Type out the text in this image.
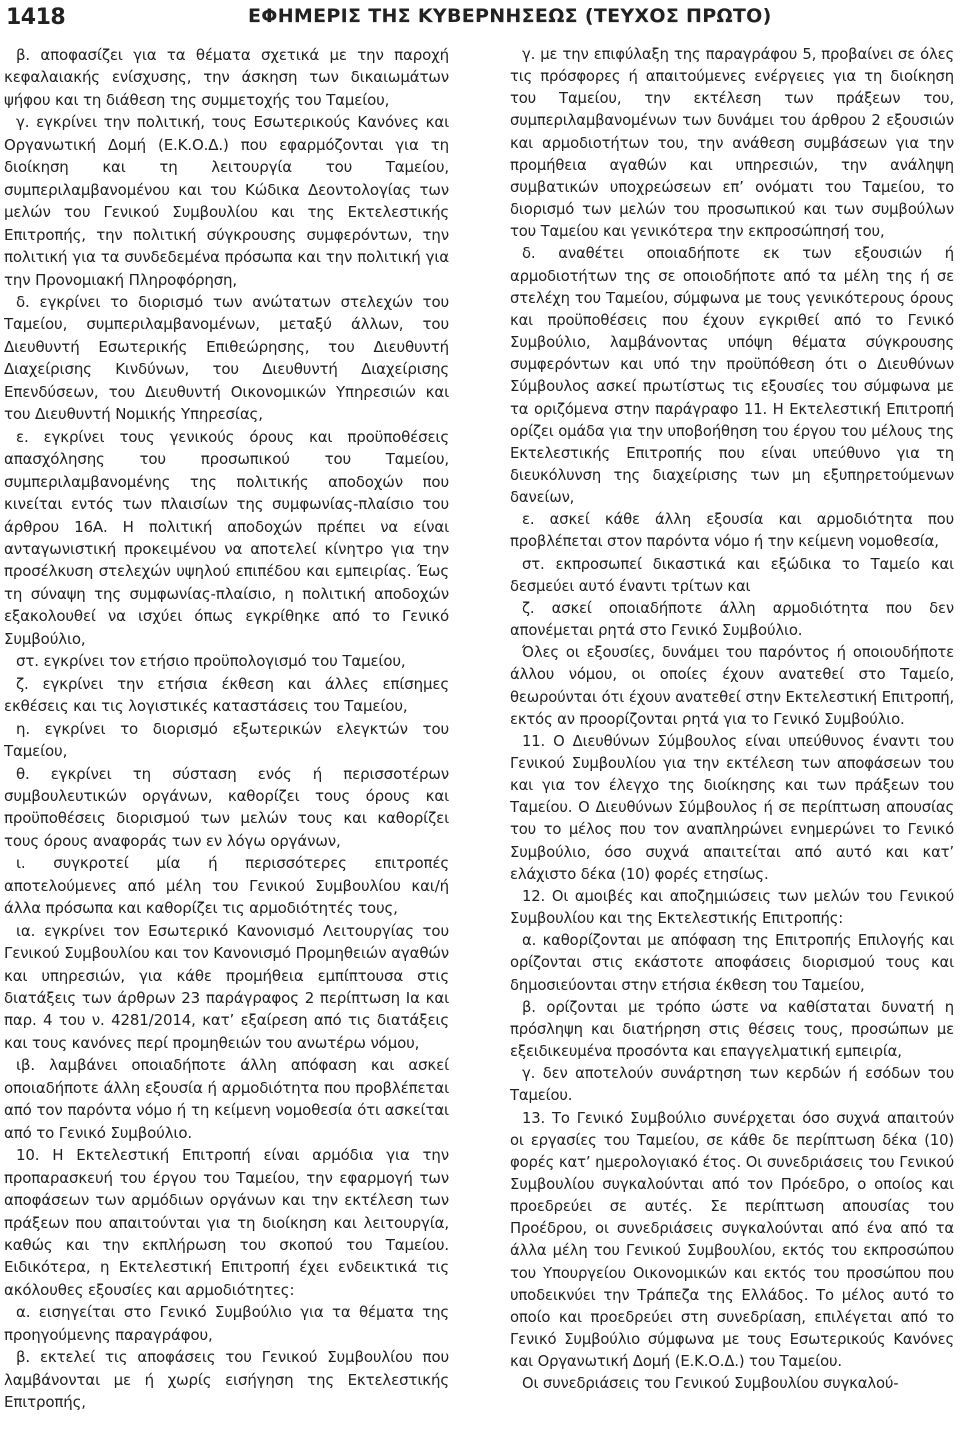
1418	ΕΦΗΜΕΡΙΣ ΤΗΣ ΚΥΒΕΡΝΗΣΕΩΣ (ΤΕΥΧΟΣ ΠΡΩΤΟ)

β. αποφασίζει για τα θέματα σχετικά με την παροχή κεφαλαιακής ενίσχυσης, την άσκηση των δικαιωμάτων ψήφου και τη διάθεση της συμμετοχής του Ταμείου,

γ. εγκρίνει την πολιτική, τους Εσωτερικούς Κανόνες και Οργανωτική Δομή (Ε.Κ.Ο.Δ.) που εφαρμόζονται για τη διοίκηση και τη λειτουργία του Ταμείου, συμπεριλαμβανομένου και του Κώδικα Δεοντολογίας των μελών του Γενικού Συμβουλίου και της Εκτελεστικής Επιτροπής, την πολιτική σύγκρουσης συμφερόντων, την πολιτική για τα συνδεδεμένα πρόσωπα και την πολιτική για την Προνομιακή Πληροφόρηση,

δ. εγκρίνει το διορισμό των ανώτατων στελεχών του Ταμείου, συμπεριλαμβανομένων, μεταξύ άλλων, του Διευθυντή Εσωτερικής Επιθεώρησης, του Διευθυντή Διαχείρισης Κινδύνων, του Διευθυντή Διαχείρισης Επενδύσεων, του Διευθυντή Οικονομικών Υπηρεσιών και του Διευθυντή Νομικής Υπηρεσίας,

ε. εγκρίνει τους γενικούς όρους και προϋποθέσεις απασχόλησης του προσωπικού του Ταμείου, συμπεριλαμβανομένης της πολιτικής αποδοχών που κινείται εντός των πλαισίων της συμφωνίας-πλαίσιο του άρθρου 16Α. Η πολιτική αποδοχών πρέπει να είναι ανταγωνιστική προκειμένου να αποτελεί κίνητρο για την προσέλκυση στελεχών υψηλού επιπέδου και εμπειρίας. Έως τη σύναψη της συμφωνίας-πλαίσιο, η πολιτική αποδοχών εξακολουθεί να ισχύει όπως εγκρίθηκε από το Γενικό Συμβούλιο,

στ. εγκρίνει τον ετήσιο προϋπολογισμό του Ταμείου,

ζ. εγκρίνει την ετήσια έκθεση και άλλες επίσημες εκθέσεις και τις λογιστικές καταστάσεις του Ταμείου,

η. εγκρίνει το διορισμό εξωτερικών ελεγκτών του Ταμείου,

θ. εγκρίνει τη σύσταση ενός ή περισσοτέρων συμβουλευτικών οργάνων, καθορίζει τους όρους και προϋποθέσεις διορισμού των μελών τους και καθορίζει τους όρους αναφοράς των εν λόγω οργάνων,

ι. συγκροτεί μία ή περισσότερες επιτροπές αποτελούμενες από μέλη του Γενικού Συμβουλίου και/ή άλλα πρόσωπα και καθορίζει τις αρμοδιότητές τους,

ια. εγκρίνει τον Εσωτερικό Κανονισμό Λειτουργίας του Γενικού Συμβουλίου και τον Κανονισμό Προμηθειών αγαθών και υπηρεσιών, για κάθε προμήθεια εμπίπτουσα στις διατάξεις των άρθρων 23 παράγραφος 2 περίπτωση Ια και παρ. 4 του ν. 4281/2014, κατ’ εξαίρεση από τις διατάξεις και τους κανόνες περί προμηθειών του ανωτέρω νόμου,

ιβ. λαμβάνει οποιαδήποτε άλλη απόφαση και ασκεί οποιαδήποτε άλλη εξουσία ή αρμοδιότητα που προβλέπεται από τον παρόντα νόμο ή τη κείμενη νομοθεσία ότι ασκείται από το Γενικό Συμβούλιο.

10. Η Εκτελεστική Επιτροπή είναι αρμόδια για την προπαρασκευή του έργου του Ταμείου, την εφαρμογή των αποφάσεων των αρμόδιων οργάνων και την εκτέλεση των πράξεων που απαιτούνται για τη διοίκηση και λειτουργία, καθώς και την εκπλήρωση του σκοπού του Ταμείου. Ειδικότερα, η Εκτελεστική Επιτροπή έχει ενδεικτικά τις ακόλουθες εξουσίες και αρμοδιότητες:

α. εισηγείται στο Γενικό Συμβούλιο για τα θέματα της προηγούμενης παραγράφου,

β. εκτελεί τις αποφάσεις του Γενικού Συμβουλίου που λαμβάνονται με ή χωρίς εισήγηση της Εκτελεστικής Επιτροπής,

γ. με την επιφύλαξη της παραγράφου 5, προβαίνει σε όλες τις πρόσφορες ή απαιτούμενες ενέργειες για τη διοίκηση του Ταμείου, την εκτέλεση των πράξεων του, συμπεριλαμβανομένων των δυνάμει του άρθρου 2 εξουσιών και αρμοδιοτήτων του, την ανάθεση συμβάσεων για την προμήθεια αγαθών και υπηρεσιών, την ανάληψη συμβατικών υποχρεώσεων επ’ ονόματι του Ταμείου, το διορισμό των μελών του προσωπικού και των συμβούλων του Ταμείου και γενικότερα την εκπροσώπησή του,

δ. αναθέτει οποιαδήποτε εκ των εξουσιών ή αρμοδιοτήτων της σε οποιοδήποτε από τα μέλη της ή σε στελέχη του Ταμείου, σύμφωνα με τους γενικότερους όρους και προϋποθέσεις που έχουν εγκριθεί από το Γενικό Συμβούλιο, λαμβάνοντας υπόψη θέματα σύγκρουσης συμφερόντων και υπό την προϋπόθεση ότι ο Διευθύνων Σύμβουλος ασκεί πρωτίστως τις εξουσίες του σύμφωνα με τα οριζόμενα στην παράγραφο 11. Η Εκτελεστική Επιτροπή ορίζει ομάδα για την υποβοήθηση του έργου του μέλους της Εκτελεστικής Επιτροπής που είναι υπεύθυνο για τη διευκόλυνση της διαχείρισης των μη εξυπηρετούμενων δανείων,

ε. ασκεί κάθε άλλη εξουσία και αρμοδιότητα που προβλέπεται στον παρόντα νόμο ή την κείμενη νομοθεσία,

στ. εκπροσωπεί δικαστικά και εξώδικα το Ταμείο και δεσμεύει αυτό έναντι τρίτων και

ζ. ασκεί οποιαδήποτε άλλη αρμοδιότητα που δεν απονέμεται ρητά στο Γενικό Συμβούλιο.

Όλες οι εξουσίες, δυνάμει του παρόντος ή οποιουδήποτε άλλου νόμου, οι οποίες έχουν ανατεθεί στο Ταμείο, θεωρούνται ότι έχουν ανατεθεί στην Εκτελεστική Επιτροπή, εκτός αν προορίζονται ρητά για το Γενικό Συμβούλιο.

11. Ο Διευθύνων Σύμβουλος είναι υπεύθυνος έναντι του Γενικού Συμβουλίου για την εκτέλεση των αποφάσεων του και για τον έλεγχο της διοίκησης και των πράξεων του Ταμείου. Ο Διευθύνων Σύμβουλος ή σε περίπτωση απουσίας του το μέλος που τον αναπληρώνει ενημερώνει το Γενικό Συμβούλιο, όσο συχνά απαιτείται από αυτό και κατ’ ελάχιστο δέκα (10) φορές ετησίως.

12. Οι αμοιβές και αποζημιώσεις των μελών του Γενικού Συμβουλίου και της Εκτελεστικής Επιτροπής:

α. καθορίζονται με απόφαση της Επιτροπής Επιλογής και ορίζονται στις εκάστοτε αποφάσεις διορισμού τους και δημοσιεύονται στην ετήσια έκθεση του Ταμείου,

β. ορίζονται με τρόπο ώστε να καθίσταται δυνατή η πρόσληψη και διατήρηση στις θέσεις τους, προσώπων με εξειδικευμένα προσόντα και επαγγελματική εμπειρία,

γ. δεν αποτελούν συνάρτηση των κερδών ή εσόδων του Ταμείου.

13. Το Γενικό Συμβούλιο συνέρχεται όσο συχνά απαιτούν οι εργασίες του Ταμείου, σε κάθε δε περίπτωση δέκα (10) φορές κατ’ ημερολογιακό έτος. Οι συνεδριάσεις του Γενικού Συμβουλίου συγκαλούνται από τον Πρόεδρο, ο οποίος και προεδρεύει σε αυτές. Σε περίπτωση απουσίας του Προέδρου, οι συνεδριάσεις συγκαλούνται από ένα από τα άλλα μέλη του Γενικού Συμβουλίου, εκτός του εκπροσώπου του Υπουργείου Οικονομικών και εκτός του προσώπου που υποδεικνύει την Τράπεζα της Ελλάδος. Το μέλος αυτό το οποίο και προεδρεύει στη συνεδρίαση, επιλέγεται από το Γενικό Συμβούλιο σύμφωνα με τους Εσωτερικούς Κανόνες και Οργανωτική Δομή (Ε.Κ.Ο.Δ.) του Ταμείου.

Οι συνεδριάσεις του Γενικού Συμβουλίου συγκαλού-
